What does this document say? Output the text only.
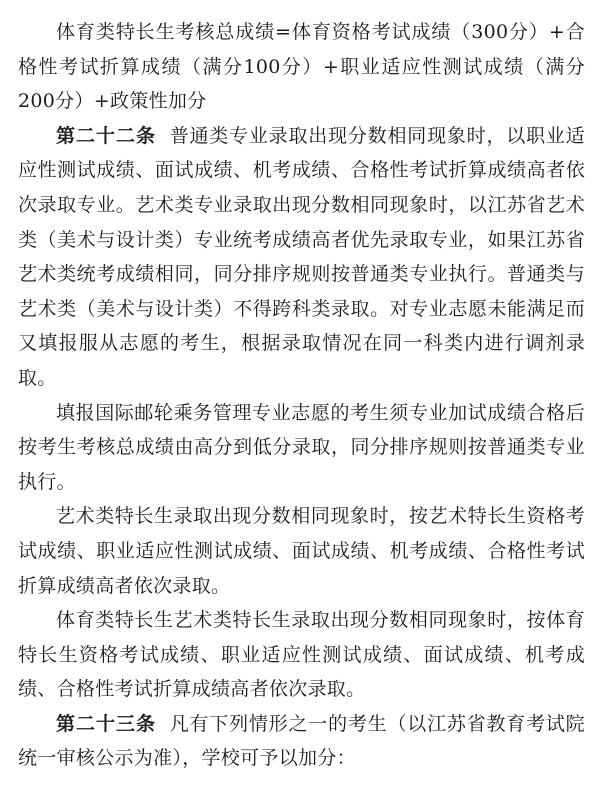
体育类特长生考核总成绩=体育资格考试成绩（300分）+合格性考试折算成绩（满分100分）+职业适应性测试成绩（满分200分）+政策性加分

第二十二条 普通类专业录取出现分数相同现象时，以职业适应性测试成绩、面试成绩、机考成绩、合格性考试折算成绩高者依次录取专业。艺术类专业录取出现分数相同现象时，以江苏省艺术类（美术与设计类）专业统考成绩高者优先录取专业，如果江苏省艺术类统考成绩相同，同分排序规则按普通类专业执行。普通类与艺术类（美术与设计类）不得跨科类录取。对专业志愿未能满足而又填报服从志愿的考生，根据录取情况在同一科类内进行调剂录取。

填报国际邮轮乘务管理专业志愿的考生须专业加试成绩合格后按考生考核总成绩由高分到低分录取，同分排序规则按普通类专业执行。

艺术类特长生录取出现分数相同现象时，按艺术特长生资格考试成绩、职业适应性测试成绩、面试成绩、机考成绩、合格性考试折算成绩高者依次录取。

体育类特长生艺术类特长生录取出现分数相同现象时，按体育特长生资格考试成绩、职业适应性测试成绩、面试成绩、机考成绩、合格性考试折算成绩高者依次录取。

第二十三条 凡有下列情形之一的考生（以江苏省教育考试院统一审核公示为准），学校可予以加分：
